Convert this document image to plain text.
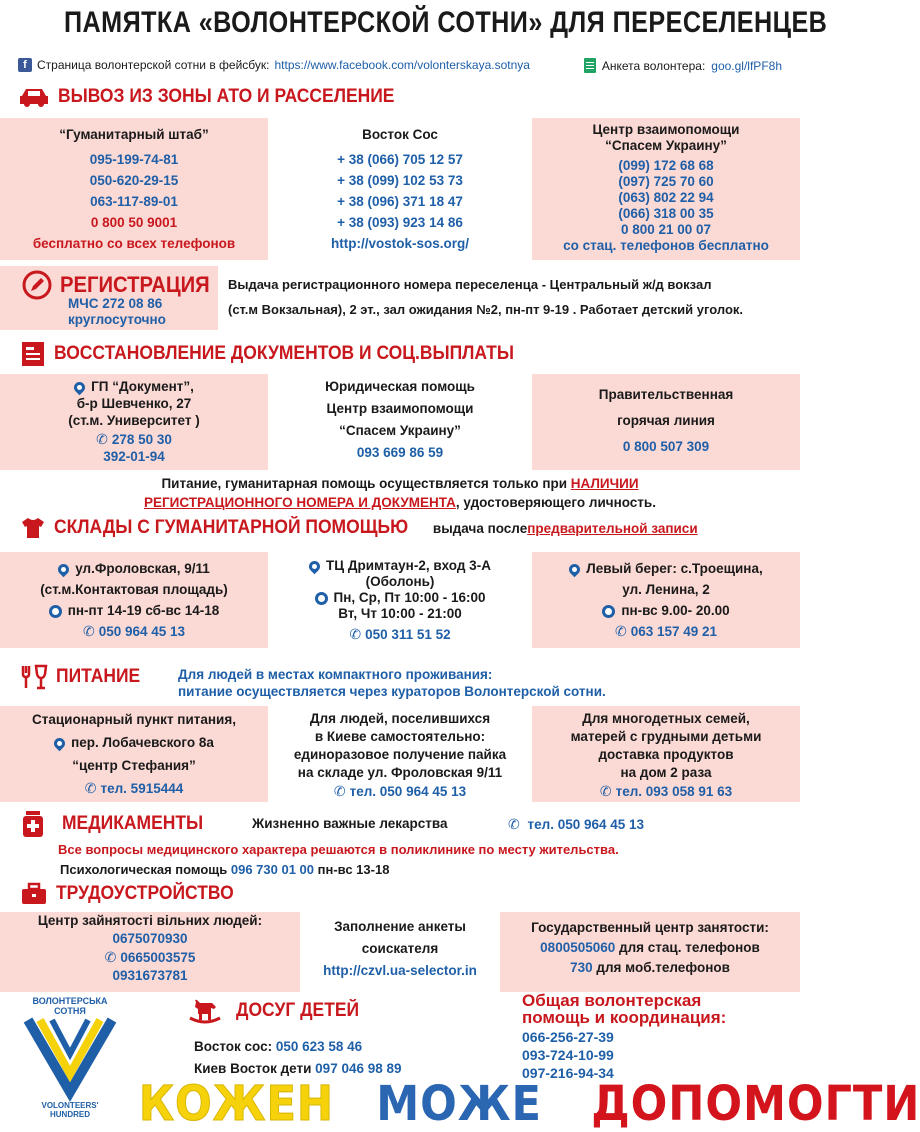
ПАМЯТКА «ВОЛОНТЕРСКОЙ СОТНИ» ДЛЯ ПЕРЕСЕЛЕНЦЕВ
f Страница волонтерской сотни в фейсбук: https://www.facebook.com/volonterskaya.sotnya	Анкета волонтера: goo.gl/lfPF8h
ВЫВОЗ ИЗ ЗОНЫ АТО И РАССЕЛЕНИЕ
“Гуманитарный штаб”
095-199-74-81
050-620-29-15
063-117-89-01
0 800 50 9001
бесплатно со всех телефонов
Восток Сос
+ 38 (066) 705 12 57
+ 38 (099) 102 53 73
+ 38 (096) 371 18 47
+ 38 (093) 923 14 86
http://vostok-sos.org/
Центр взаимопомощи
“Спасем Украину”
(099) 172 68 68
(097) 725 70 60
(063) 802 22 94
(066) 318 00 35
0 800 21 00 07
со стац. телефонов бесплатно
РЕГИСТРАЦИЯ
МЧС 272 08 86
круглосуточно
Выдача регистрационного номера переселенца - Центральный ж/д вокзал
(ст.м Вокзальная), 2 эт., зал ожидания №2, пн-пт 9-19 . Работает детский уголок.
ВОССТАНОВЛЕНИЕ ДОКУМЕНТОВ И СОЦ.ВЫПЛАТЫ
ГП “Документ”,
б-р Шевченко, 27
(ст.м. Университет )
✆ 278 50 30
392-01-94
Юридическая помощь
Центр взаимопомощи
“Спасем Украину”
093 669 86 59
Правительственная
горячая линия
0 800 507 309
Питание, гуманитарная помощь осуществляется только при НАЛИЧИИ
РЕГИСТРАЦИОННОГО НОМЕРА И ДОКУМЕНТА, удостоверяющего личность.
СКЛАДЫ С ГУМАНИТАРНОЙ ПОМОЩЬЮ выдача после предварительной записи
ул.Фроловская, 9/11
(ст.м.Контактовая площадь)
пн-пт 14-19 сб-вс 14-18
✆ 050 964 45 13
ТЦ Дримтаун-2, вход 3-А
(Оболонь)
Пн, Ср, Пт 10:00 - 16:00
Вт, Чт 10:00 - 21:00
✆ 050 311 51 52
Левый берег: с.Троещина,
ул. Ленина, 2
пн-вс 9.00- 20.00
✆ 063 157 49 21
ПИТАНИЕ	Для людей в местах компактного проживания:
питание осуществляется через кураторов Волонтерской сотни.
Стационарный пункт питания,
пер. Лобачевского 8а
“центр Стефания”
✆ тел. 5915444
Для людей, поселившихся
в Киеве самостоятельно:
единоразовое получение пайка
на складе ул. Фроловская 9/11
✆ тел. 050 964 45 13
Для многодетных семей,
матерей с грудными детьми
доставка продуктов
на дом 2 раза
✆ тел. 093 058 91 63
МЕДИКАМЕНТЫ	Жизненно важные лекарства	✆ тел. 050 964 45 13
Все вопросы медицинского характера решаются в поликлинике по месту жительства.
Психологическая помощь 096 730 01 00 пн-вс 13-18
ТРУДОУСТРОЙСТВО
Центр зайнятості вільних людей:
0675070930
✆ 0665003575
0931673781
Заполнение анкеты
соискателя
http://czvl.ua-selector.in
Государственный центр занятости:
0800505060 для стац. телефонов
730 для моб.телефонов
ВОЛОНТЕРСЬКА СОТНЯ
VOLONTEERS' HUNDRED
ДОСУГ ДЕТЕЙ
Восток сос: 050 623 58 46
Киев Восток дети 097 046 98 89
Общая волонтерская
помощь и координация:
066-256-27-39
093-724-10-99
097-216-94-34
КОЖЕН МОЖЕ ДОПОМОГТИ
